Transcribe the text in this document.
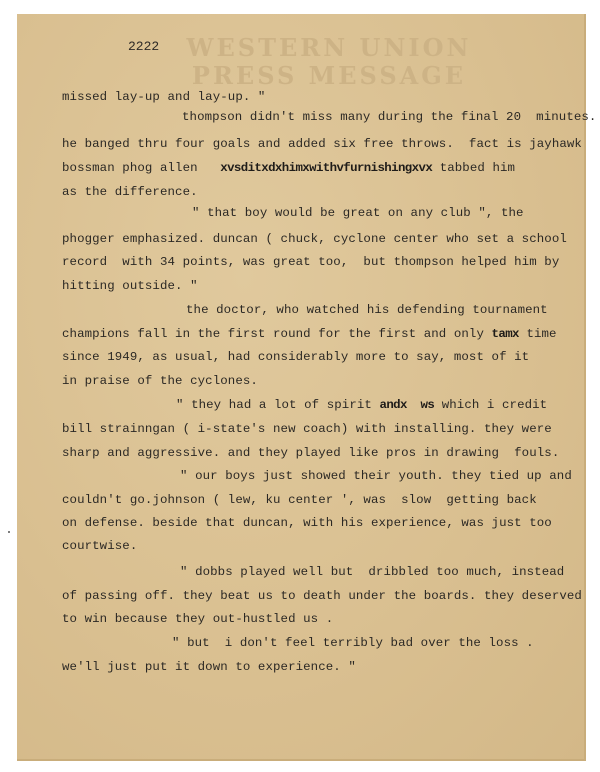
WESTERN UNION
PRESS MESSAGE
2222
missed lay-up and lay-up. "
thompson didn't miss many during the final 20  minutes.
he banged thru four goals and added six free throws.  fact is jayhawk
bossman phog allen xvsditxdxhimxwithvfurnishingxvx tabbed him
as the difference.
" that boy would be great on any club ", the
phogger emphasized. duncan ( chuck, cyclone center who set a school
record  with 34 points, was great too,  but thompson helped him by
hitting outside. "
the doctor, who watched his defending tournament
champions fall in the first round for the first and only tamx time
since 1949, as usual, had considerably more to say, most of it
in praise of the cyclones.
" they had a lot of spirit andx  ws which i credit
bill strainngan ( i-state's new coach) with installing. they were
sharp and aggressive. and they played like pros in drawing  fouls.
" our boys just showed their youth. they tied up and
couldn't go.johnson ( lew, ku center ', was  slow  getting back
on defense. beside that duncan, with his experience, was just too
courtwise.
" dobbs played well but  dribbled too much, instead
of passing off. they beat us to death under the boards. they deserved
to win because they out-hustled us .
" but  i don't feel terribly bad over the loss .
we'll just put it down to experience. "
